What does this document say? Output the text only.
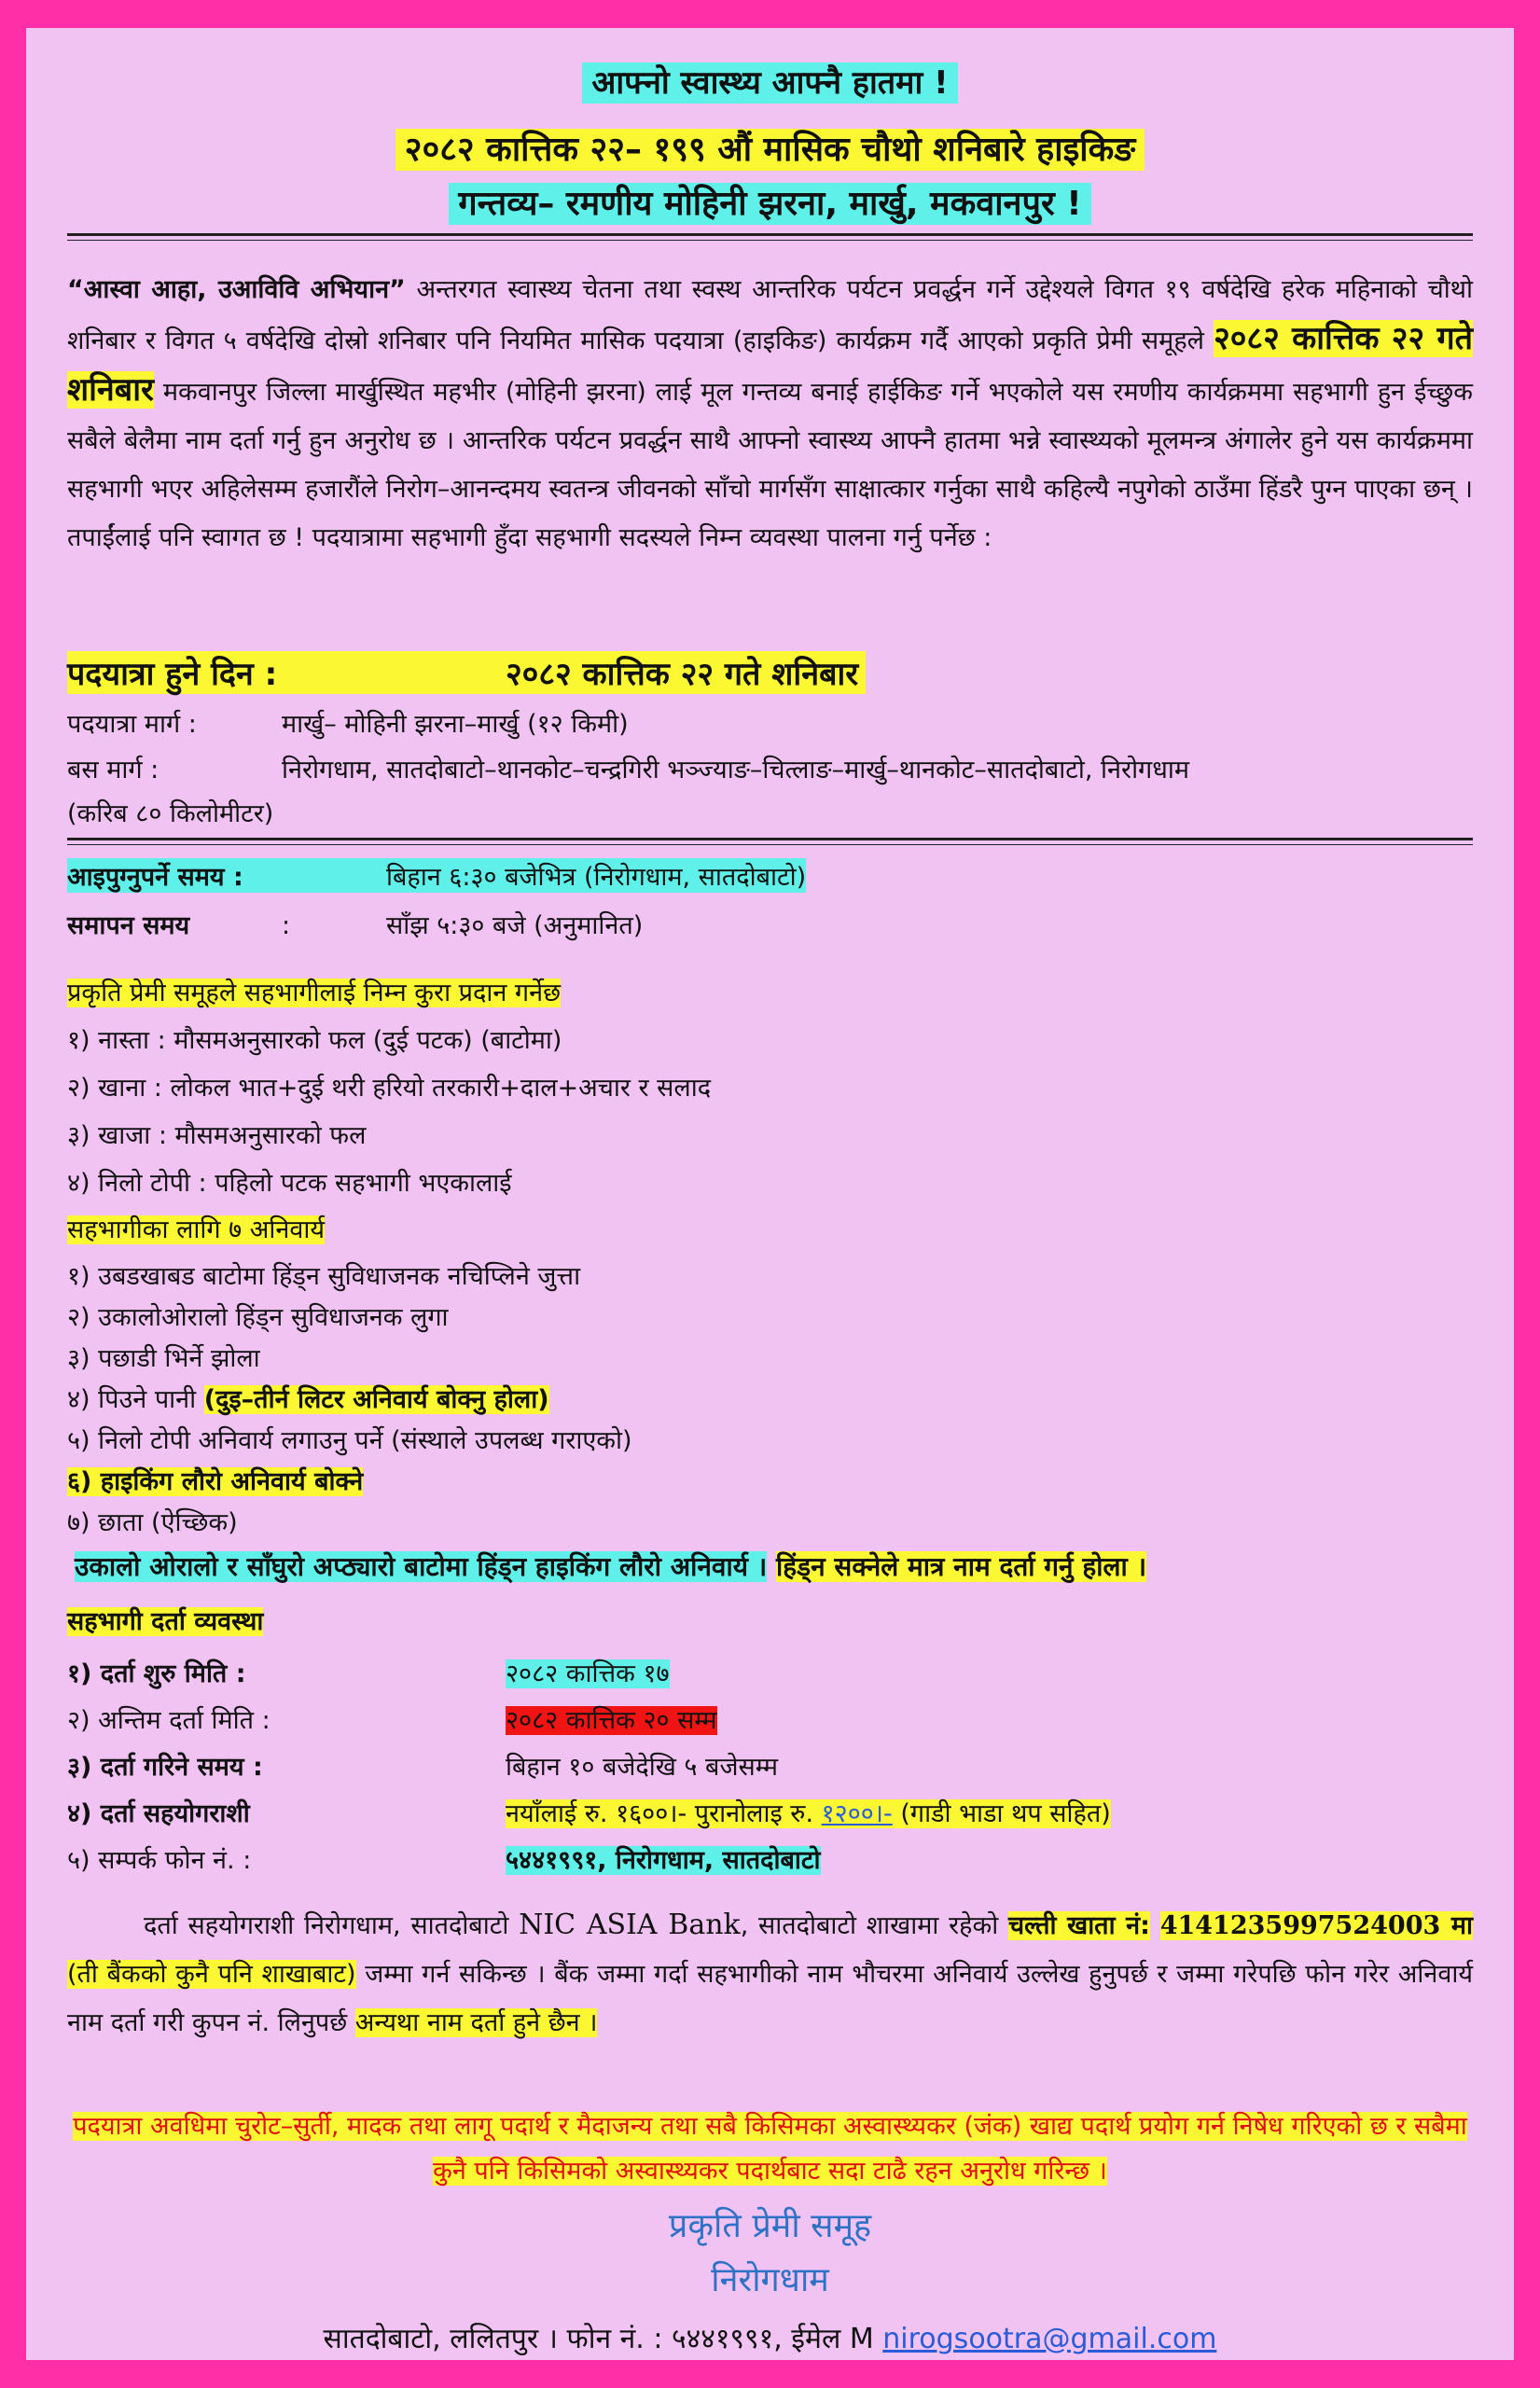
आफ्नो स्वास्थ्य आफ्नै हातमा !
२०८२ कात्तिक २२– १९९ औं मासिक चौथो शनिबारे हाइकिङ
गन्तव्य– रमणीय मोहिनी झरना, मार्खु, मकवानपुर !
“आस्वा आहा, उआविवि अभियान” अन्तरगत स्वास्थ्य चेतना तथा स्वस्थ आन्तरिक पर्यटन प्रवर्द्धन गर्ने उद्देश्यले विगत १९ वर्षदेखि हरेक महिनाको चौथो शनिबार र विगत ५ वर्षदेखि दोस्रो शनिबार पनि नियमित मासिक पदयात्रा (हाइकिङ) कार्यक्रम गर्दै आएको प्रकृति प्रेमी समूहले २०८२ कात्तिक २२ गते शनिबार मकवानपुर जिल्ला मार्खुस्थित महभीर (मोहिनी झरना) लाई मूल गन्तव्य बनाई हाईकिङ गर्ने भएकोले यस रमणीय कार्यक्रममा सहभागी हुन ईच्छुक सबैले बेलैमा नाम दर्ता गर्नु हुन अनुरोध छ । आन्तरिक पर्यटन प्रवर्द्धन साथै आफ्नो स्वास्थ्य आफ्नै हातमा भन्ने स्वास्थ्यको मूलमन्त्र अंगालेर हुने यस कार्यक्रममा सहभागी भएर अहिलेसम्म हजारौंले निरोग–आनन्दमय स्वतन्त्र जीवनको साँचो मार्गसँग साक्षात्कार गर्नुका साथै कहिल्यै नपुगेको ठाउँमा हिंडरै पुग्न पाएका छन् । तपाईंलाई पनि स्वागत छ ! पदयात्रामा सहभागी हुँदा सहभागी सदस्यले निम्न व्यवस्था पालना गर्नु पर्नेछ :
पदयात्रा हुने दिन :	२०८२ कात्तिक २२ गते शनिबार
पदयात्रा मार्ग :	मार्खु– मोहिनी झरना–मार्खु (१२ किमी)
बस मार्ग :	निरोगधाम, सातदोबाटो–थानकोट–चन्द्रगिरी भञ्ज्याङ–चित्लाङ–मार्खु–थानकोट–सातदोबाटो, निरोगधाम
(करिब ८० किलोमीटर)
आइपुग्नुपर्ने समय :	बिहान ६:३० बजेभित्र (निरोगधाम, सातदोबाटो)
समापन समय	:	साँझ ५:३० बजे (अनुमानित)
प्रकृति प्रेमी समूहले सहभागीलाई निम्न कुरा प्रदान गर्नेछ
१) नास्ता : मौसमअनुसारको फल (दुई पटक) (बाटोमा)
२) खाना : लोकल भात+दुई थरी हरियो तरकारी+दाल+अचार र सलाद
३) खाजा : मौसमअनुसारको फल
४) निलो टोपी : पहिलो पटक सहभागी भएकालाई
सहभागीका लागि ७ अनिवार्य
१) उबडखाबड बाटोमा हिंड्न सुविधाजनक नचिप्लिने जुत्ता
२) उकालोओरालो हिंड्न सुविधाजनक लुगा
३) पछाडी भिर्ने झोला
४) पिउने पानी (दुइ–तीर्न लिटर अनिवार्य बोक्नु होला)
५) निलो टोपी अनिवार्य लगाउनु पर्ने (संस्थाले उपलब्ध गराएको)
६) हाइकिंग लौरो अनिवार्य बोक्ने
७) छाता (ऐच्छिक)
उकालो ओरालो र साँघुरो अप्ठ्यारो बाटोमा हिंड्न हाइकिंग लौरो अनिवार्य । हिंड्न सक्नेले मात्र नाम दर्ता गर्नु होला ।
सहभागी दर्ता व्यवस्था
१) दर्ता शुरु मिति :	२०८२ कात्तिक १७
२) अन्तिम दर्ता मिति :	२०८२ कात्तिक २० सम्म
३) दर्ता गरिने समय :	बिहान १० बजेदेखि ५ बजेसम्म
४) दर्ता सहयोगराशी	नयाँलाई रु. १६००।- पुरानोलाइ रु. १२००।- (गाडी भाडा थप सहित)
५) सम्पर्क फोन नं. :	५४४१९९१, निरोगधाम, सातदोबाटो
दर्ता सहयोगराशी निरोगधाम, सातदोबाटो NIC ASIA Bank, सातदोबाटो शाखामा रहेको चल्ती खाता नं: 4141235997524003 मा (ती बैंकको कुनै पनि शाखाबाट) जम्मा गर्न सकिन्छ । बैंक जम्मा गर्दा सहभागीको नाम भौचरमा अनिवार्य उल्लेख हुनुपर्छ र जम्मा गरेपछि फोन गरेर अनिवार्य नाम दर्ता गरी कुपन नं. लिनुपर्छ अन्यथा नाम दर्ता हुने छैन ।
पदयात्रा अवधिमा चुरोट–सुर्ती, मादक तथा लागू पदार्थ र मैदाजन्य तथा सबै किसिमका अस्वास्थ्यकर (जंक) खाद्य पदार्थ प्रयोग गर्न निषेध गरिएको छ र सबैमा कुनै पनि किसिमको अस्वास्थ्यकर पदार्थबाट सदा टाढै रहन अनुरोध गरिन्छ ।
प्रकृति प्रेमी समूह
निरोगधाम
सातदोबाटो, ललितपुर । फोन नं. : ५४४१९९१, ईमेल M nirogsootra@gmail.com
